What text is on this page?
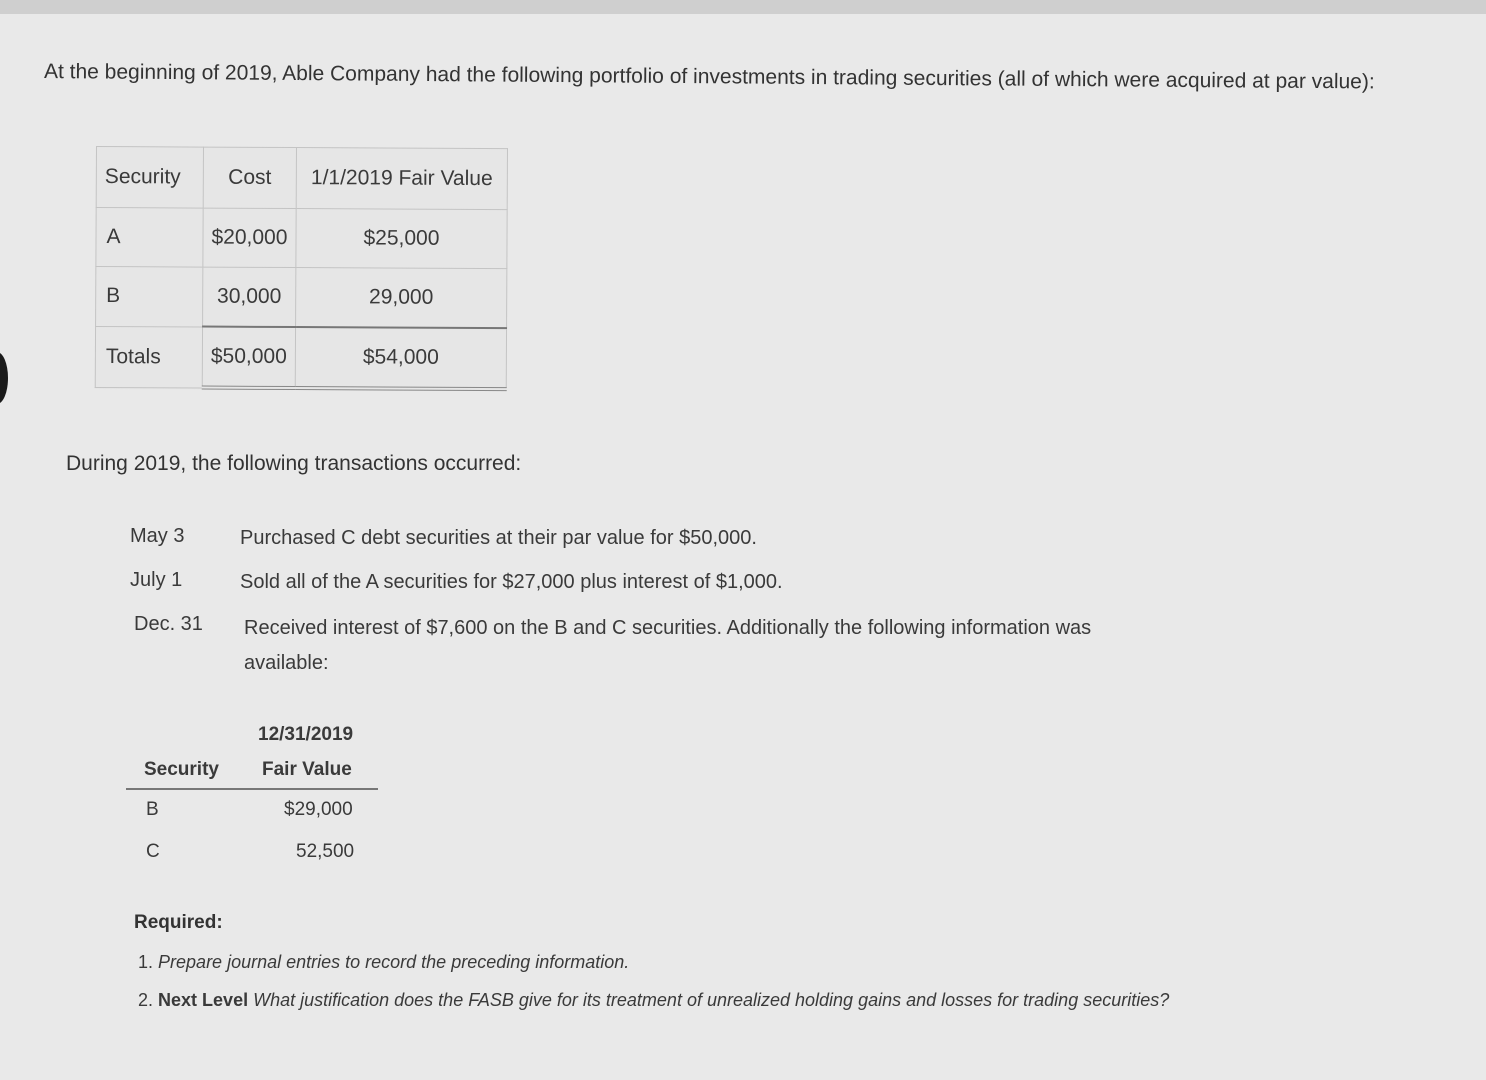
At the beginning of 2019, Able Company had the following portfolio of investments in trading securities (all of which were acquired at par value):
Security	Cost	1/1/2019 Fair Value
A	$20,000	$25,000
B	30,000	29,000
Totals	$50,000	$54,000
During 2019, the following transactions occurred:
May 3	Purchased C debt securities at their par value for $50,000.
July 1	Sold all of the A securities for $27,000 plus interest of $1,000.
Dec. 31 Received interest of $7,600 on the B and C securities. Additionally the following information was
available:
12/31/2019
Security Fair Value
B	$29,000
C	52,500
Required:
1. Prepare journal entries to record the preceding information.
2. Next Level What justification does the FASB give for its treatment of unrealized holding gains and losses for trading securities?
